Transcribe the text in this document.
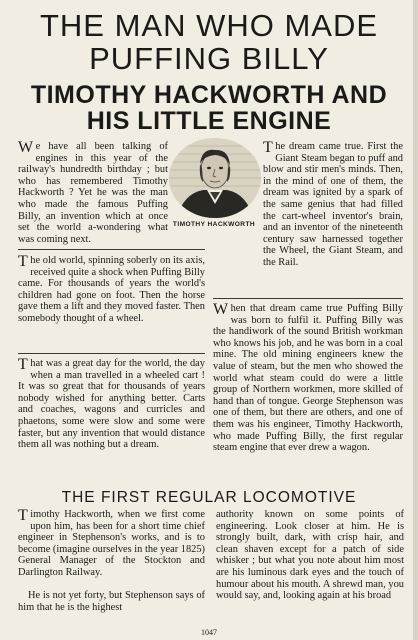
THE MAN WHO MADE
PUFFING BILLY
TIMOTHY HACKWORTH AND
HIS LITTLE ENGINE
TIMOTHY HACKWORTH

We have all been talking of engines in this year of the railway's hundredth birthday ; but who has remembered Timothy Hackworth ? Yet he was the man who made the famous Puffing Billy, an invention which at once set the world a-wondering what was coming next.

The old world, spinning soberly on its axis, received quite a shock when Puffing Billy came. For thousands of years the world's children had gone on foot. Then the horse gave them a lift and they moved faster. Then somebody thought of a wheel.

That was a great day for the world, the day when a man travelled in a wheeled cart ! It was so great that for thousands of years nobody wished for anything better. Carts and coaches, wagons and curricles and phaetons, some were slow and some were faster, but any invention that would distance them all was nothing but a dream.

The dream came true. First the Giant Steam began to puff and blow and stir men's minds. Then, in the mind of one of them, the dream was ignited by a spark of the same genius that had filled the cart-wheel inventor's brain, and an inventor of the nineteenth century saw harnessed together the Wheel, the Giant Steam, and the Rail.

When that dream came true Puffing Billy was born to fulfil it. Puffing Billy was the handiwork of the sound British workman who knows his job, and he was born in a coal mine. The old mining engineers knew the value of steam, but the men who showed the world what steam could do were a little group of Northern workmen, more skilled of hand than of tongue. George Stephenson was one of them, but there are others, and one of them was his engineer, Timothy Hackworth, who made Puffing Billy, the first regular steam engine that ever drew a wagon.

THE FIRST REGULAR LOCOMOTIVE

Timothy Hackworth, when we first come upon him, has been for a short time chief engineer in Stephenson's works, and is to become (imagine ourselves in the year 1825) General Manager of the Stockton and Darlington Railway.

He is not yet forty, but Stephenson says of him that he is the highest

authority known on some points of engineering. Look closer at him. He is strongly built, dark, with crisp hair, and clean shaven except for a patch of side whisker ; but what you note about him most are his luminous dark eyes and the touch of humour about his mouth. A shrewd man, you would say, and, looking again at his broad

1047
